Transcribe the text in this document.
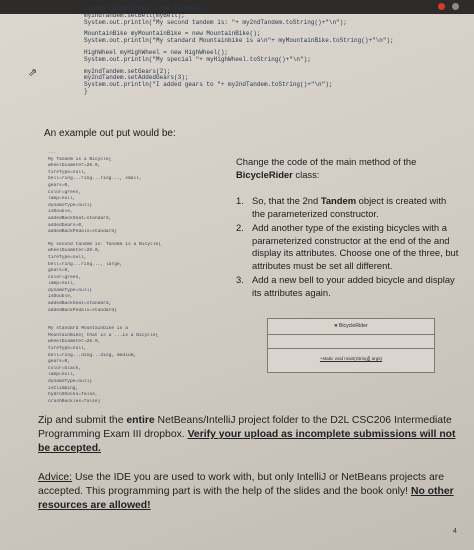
Tandem my2ndTandem = new Tandem();
my2ndTandem.setBell(myBell);
System.out.println("My second tandem is: "+ my2ndTandem.toString()+"\n");
MountainBike myMountainBike = new MountainBike();
System.out.println("My standard Mountainbike is a\n"+ myMountainBike.toString()+"\n");
HighWheel myHighWheel = new HighWheel();
System.out.println("My special "+ myHighWheel.toString()+"\n");
my2ndTandem.setGears(2);
my2ndTandem.setAddedGears(3);
System.out.println("I added gears to "+ my2ndTandem.toString()+"\n");
}
⇗
An example out put would be:
...
My Tandem is a Bicycle{
wheelDiameter=26.0,
tireType=null,
bell=ring...ring...ring..., small,
gears=0,
color=green,
lamp=null,
dynamoType=null}
isDouble,
addedBackSeat=standard,
addedGears=0,
addedBackPedals=standard}
My second tandem is: Tandem is a Bicycle{
wheelDiameter=26.0,
tireType=null,
bell=ring...ring..., large,
gears=0,
color=green,
lamp=null,
dynamoType=null}
isDouble,
addedBackSeat=standard,
addedBackPedals=standard}
My standard Mountainbike is a
MountainBike{ that is a ...is a Bicycle{
wheelDiameter=26.0,
tireType=null,
bell=ring...ding...ding, medium,
gears=0,
color=black,
lamp=null,
dynamoType=null}
isClimbing,
hydroShocks=false,
crashBuckles=false}

Change the code of the main method of the BicycleRider class:

1. So, that the 2nd Tandem object is created with the parameterized constructor.
2. Add another type of the existing bicycles with a parameterized constructor at the end of the and display its attributes. Choose one of the three, but attributes must be set all different.
3. Add a new bell to your added bicycle and display its attributes again.
■ BicycleRider
+static void main(String[] args)
Zip and submit the entire NetBeans/IntelliJ project folder to the D2L CSC206 Intermediate Programming Exam III dropbox. Verify your upload as incomplete submissions will not be accepted.
Advice: Use the IDE you are used to work with, but only IntelliJ or NetBeans projects are accepted. This programming part is with the help of the slides and the book only! No other resources are allowed!
4
